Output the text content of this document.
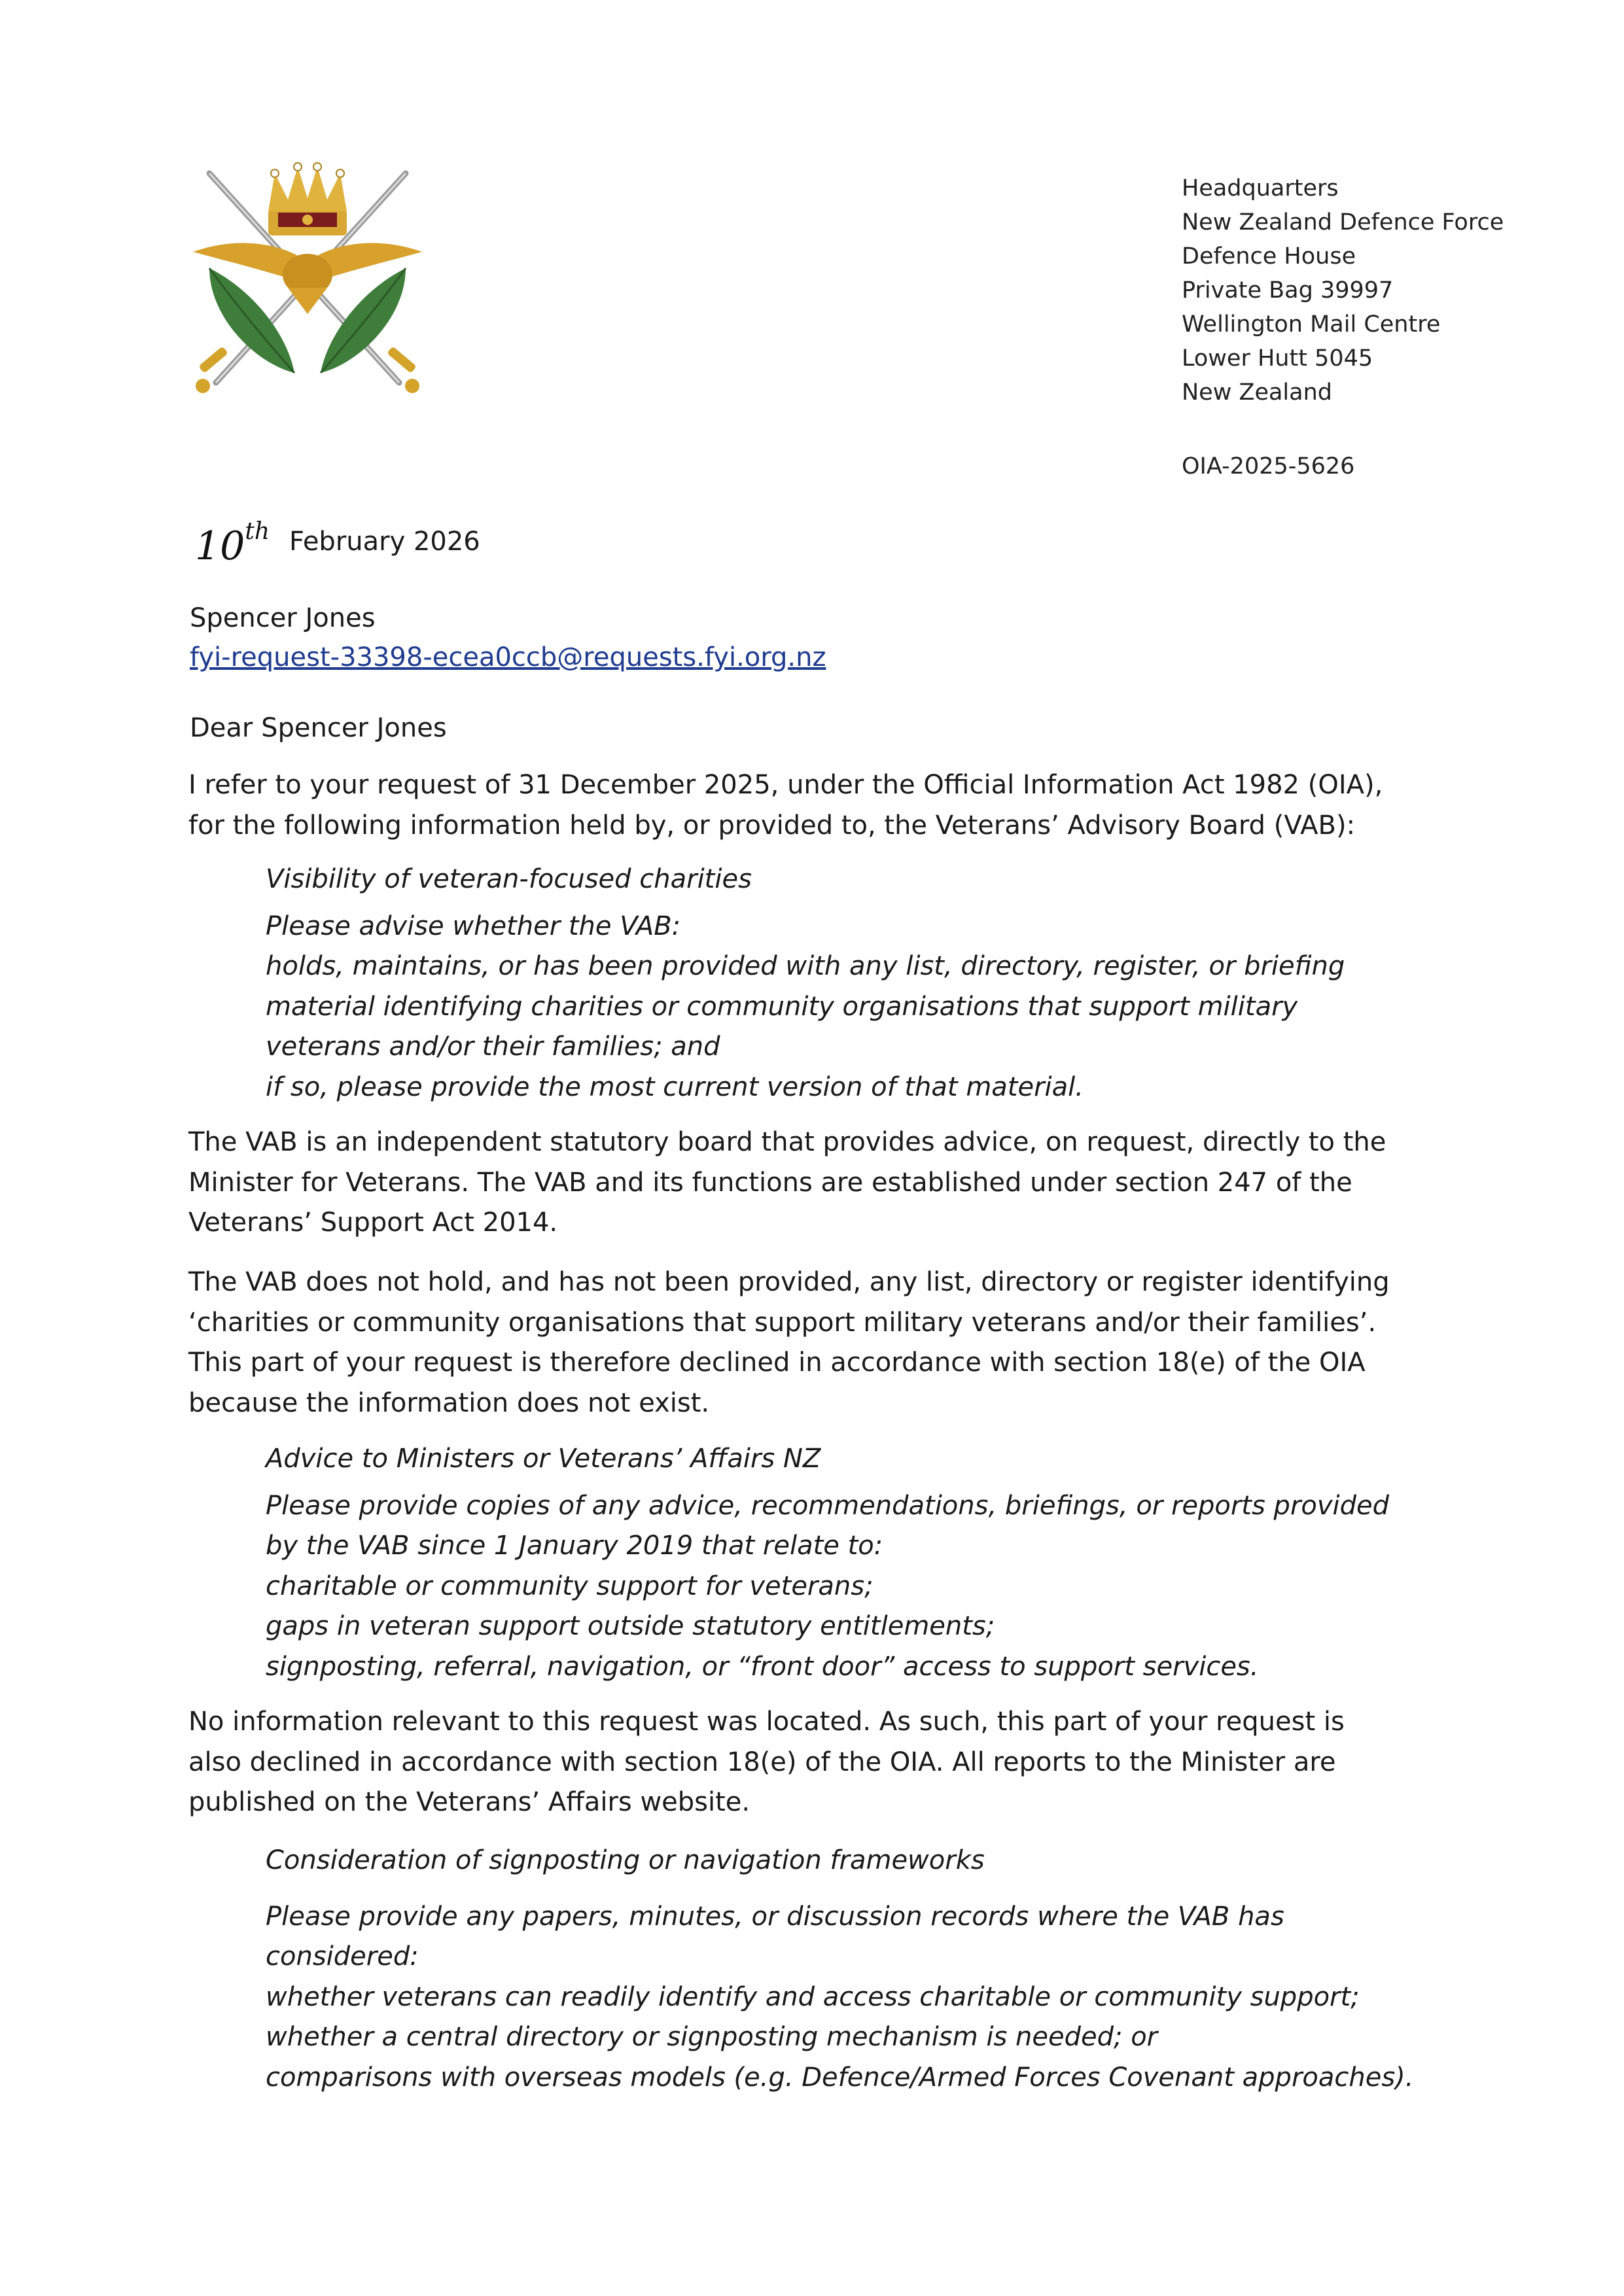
Headquarters
New Zealand Defence Force
Defence House
Private Bag 39997
Wellington Mail Centre
Lower Hutt 5045
New Zealand
OIA-2025-5626
10th February 2026
Spencer Jones
fyi-request-33398-ecea0ccb@requests.fyi.org.nz
Dear Spencer Jones

I refer to your request of 31 December 2025, under the Official Information Act 1982 (OIA),

for the following information held by, or provided to, the Veterans’ Advisory Board (VAB):

Visibility of veteran-focused charities

Please advise whether the VAB:

holds, maintains, or has been provided with any list, directory, register, or briefing

material identifying charities or community organisations that support military

veterans and/or their families; and

if so, please provide the most current version of that material.

The VAB is an independent statutory board that provides advice, on request, directly to the

Minister for Veterans. The VAB and its functions are established under section 247 of the

Veterans’ Support Act 2014.

The VAB does not hold, and has not been provided, any list, directory or register identifying

‘charities or community organisations that support military veterans and/or their families’.

This part of your request is therefore declined in accordance with section 18(e) of the OIA

because the information does not exist.

Advice to Ministers or Veterans’ Affairs NZ

Please provide copies of any advice, recommendations, briefings, or reports provided

by the VAB since 1 January 2019 that relate to:

charitable or community support for veterans;

gaps in veteran support outside statutory entitlements;

signposting, referral, navigation, or “front door” access to support services.

No information relevant to this request was located. As such, this part of your request is

also declined in accordance with section 18(e) of the OIA. All reports to the Minister are

published on the Veterans’ Affairs website.

Consideration of signposting or navigation frameworks

Please provide any papers, minutes, or discussion records where the VAB has

considered:

whether veterans can readily identify and access charitable or community support;

whether a central directory or signposting mechanism is needed; or

comparisons with overseas models (e.g. Defence/Armed Forces Covenant approaches).
